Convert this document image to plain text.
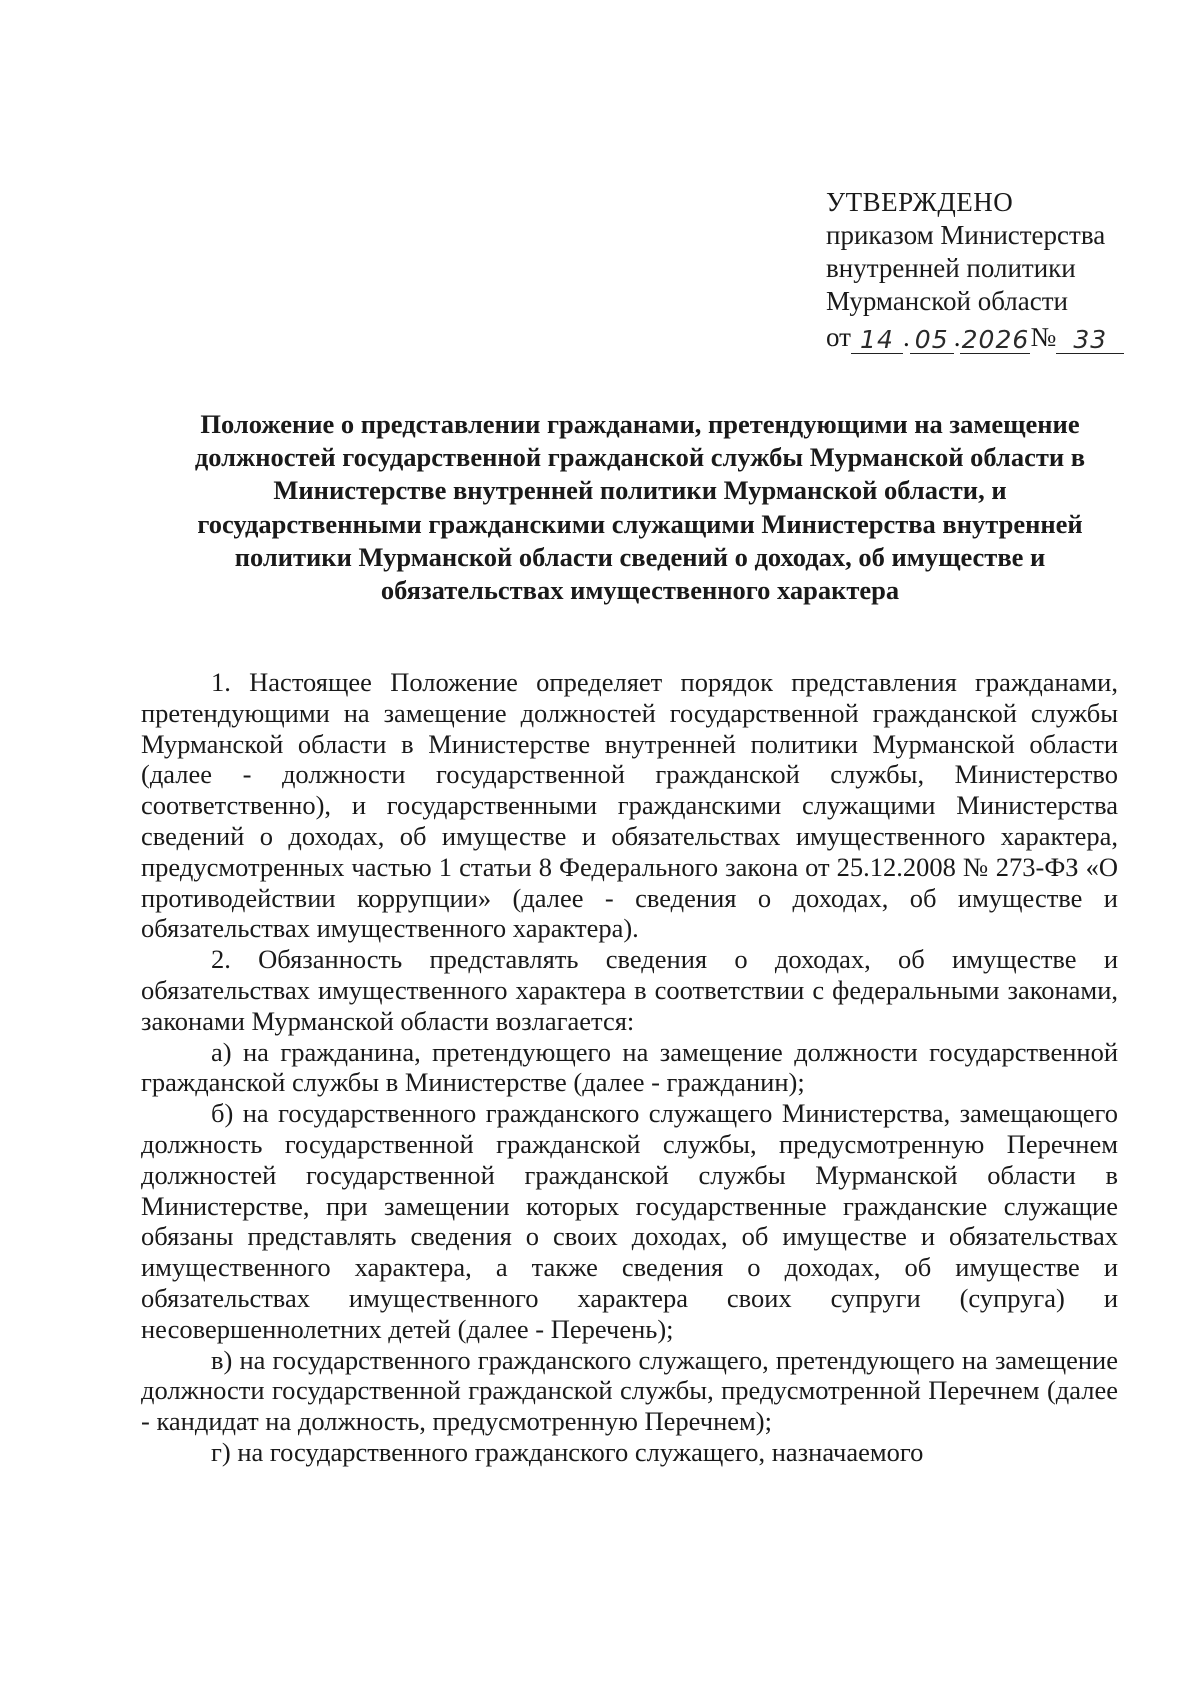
УТВЕРЖДЕНО
приказом Министерства
внутренней политики
Мурманской области
от 14 . 05 . 2026 № 33
Положение о представлении гражданами, претендующими на замещение должностей государственной гражданской службы Мурманской области в Министерстве внутренней политики Мурманской области, и государственными гражданскими служащими Министерства внутренней политики Мурманской области сведений о доходах, об имуществе и обязательствах имущественного характера

1. Настоящее Положение определяет порядок представления гражданами, претендующими на замещение должностей государственной гражданской службы Мурманской области в Министерстве внутренней политики Мурманской области (далее - должности государственной гражданской службы, Министерство соответственно), и государственными гражданскими служащими Министерства сведений о доходах, об имуществе и обязательствах имущественного характера, предусмотренных частью 1 статьи 8 Федерального закона от 25.12.2008 № 273-ФЗ «О противодействии коррупции» (далее - сведения о доходах, об имуществе и обязательствах имущественного характера).

2. Обязанность представлять сведения о доходах, об имуществе и обязательствах имущественного характера в соответствии с федеральными законами, законами Мурманской области возлагается:

а) на гражданина, претендующего на замещение должности государственной гражданской службы в Министерстве (далее - гражданин);

б) на государственного гражданского служащего Министерства, замещающего должность государственной гражданской службы, предусмотренную Перечнем должностей государственной гражданской службы Мурманской области в Министерстве, при замещении которых государственные гражданские служащие обязаны представлять сведения о своих доходах, об имуществе и обязательствах имущественного характера, а также сведения о доходах, об имуществе и обязательствах имущественного характера своих супруги (супруга) и несовершеннолетних детей (далее - Перечень);

в) на государственного гражданского служащего, претендующего на замещение должности государственной гражданской службы, предусмотренной Перечнем (далее - кандидат на должность, предусмотренную Перечнем);

г) на государственного гражданского служащего, назначаемого
